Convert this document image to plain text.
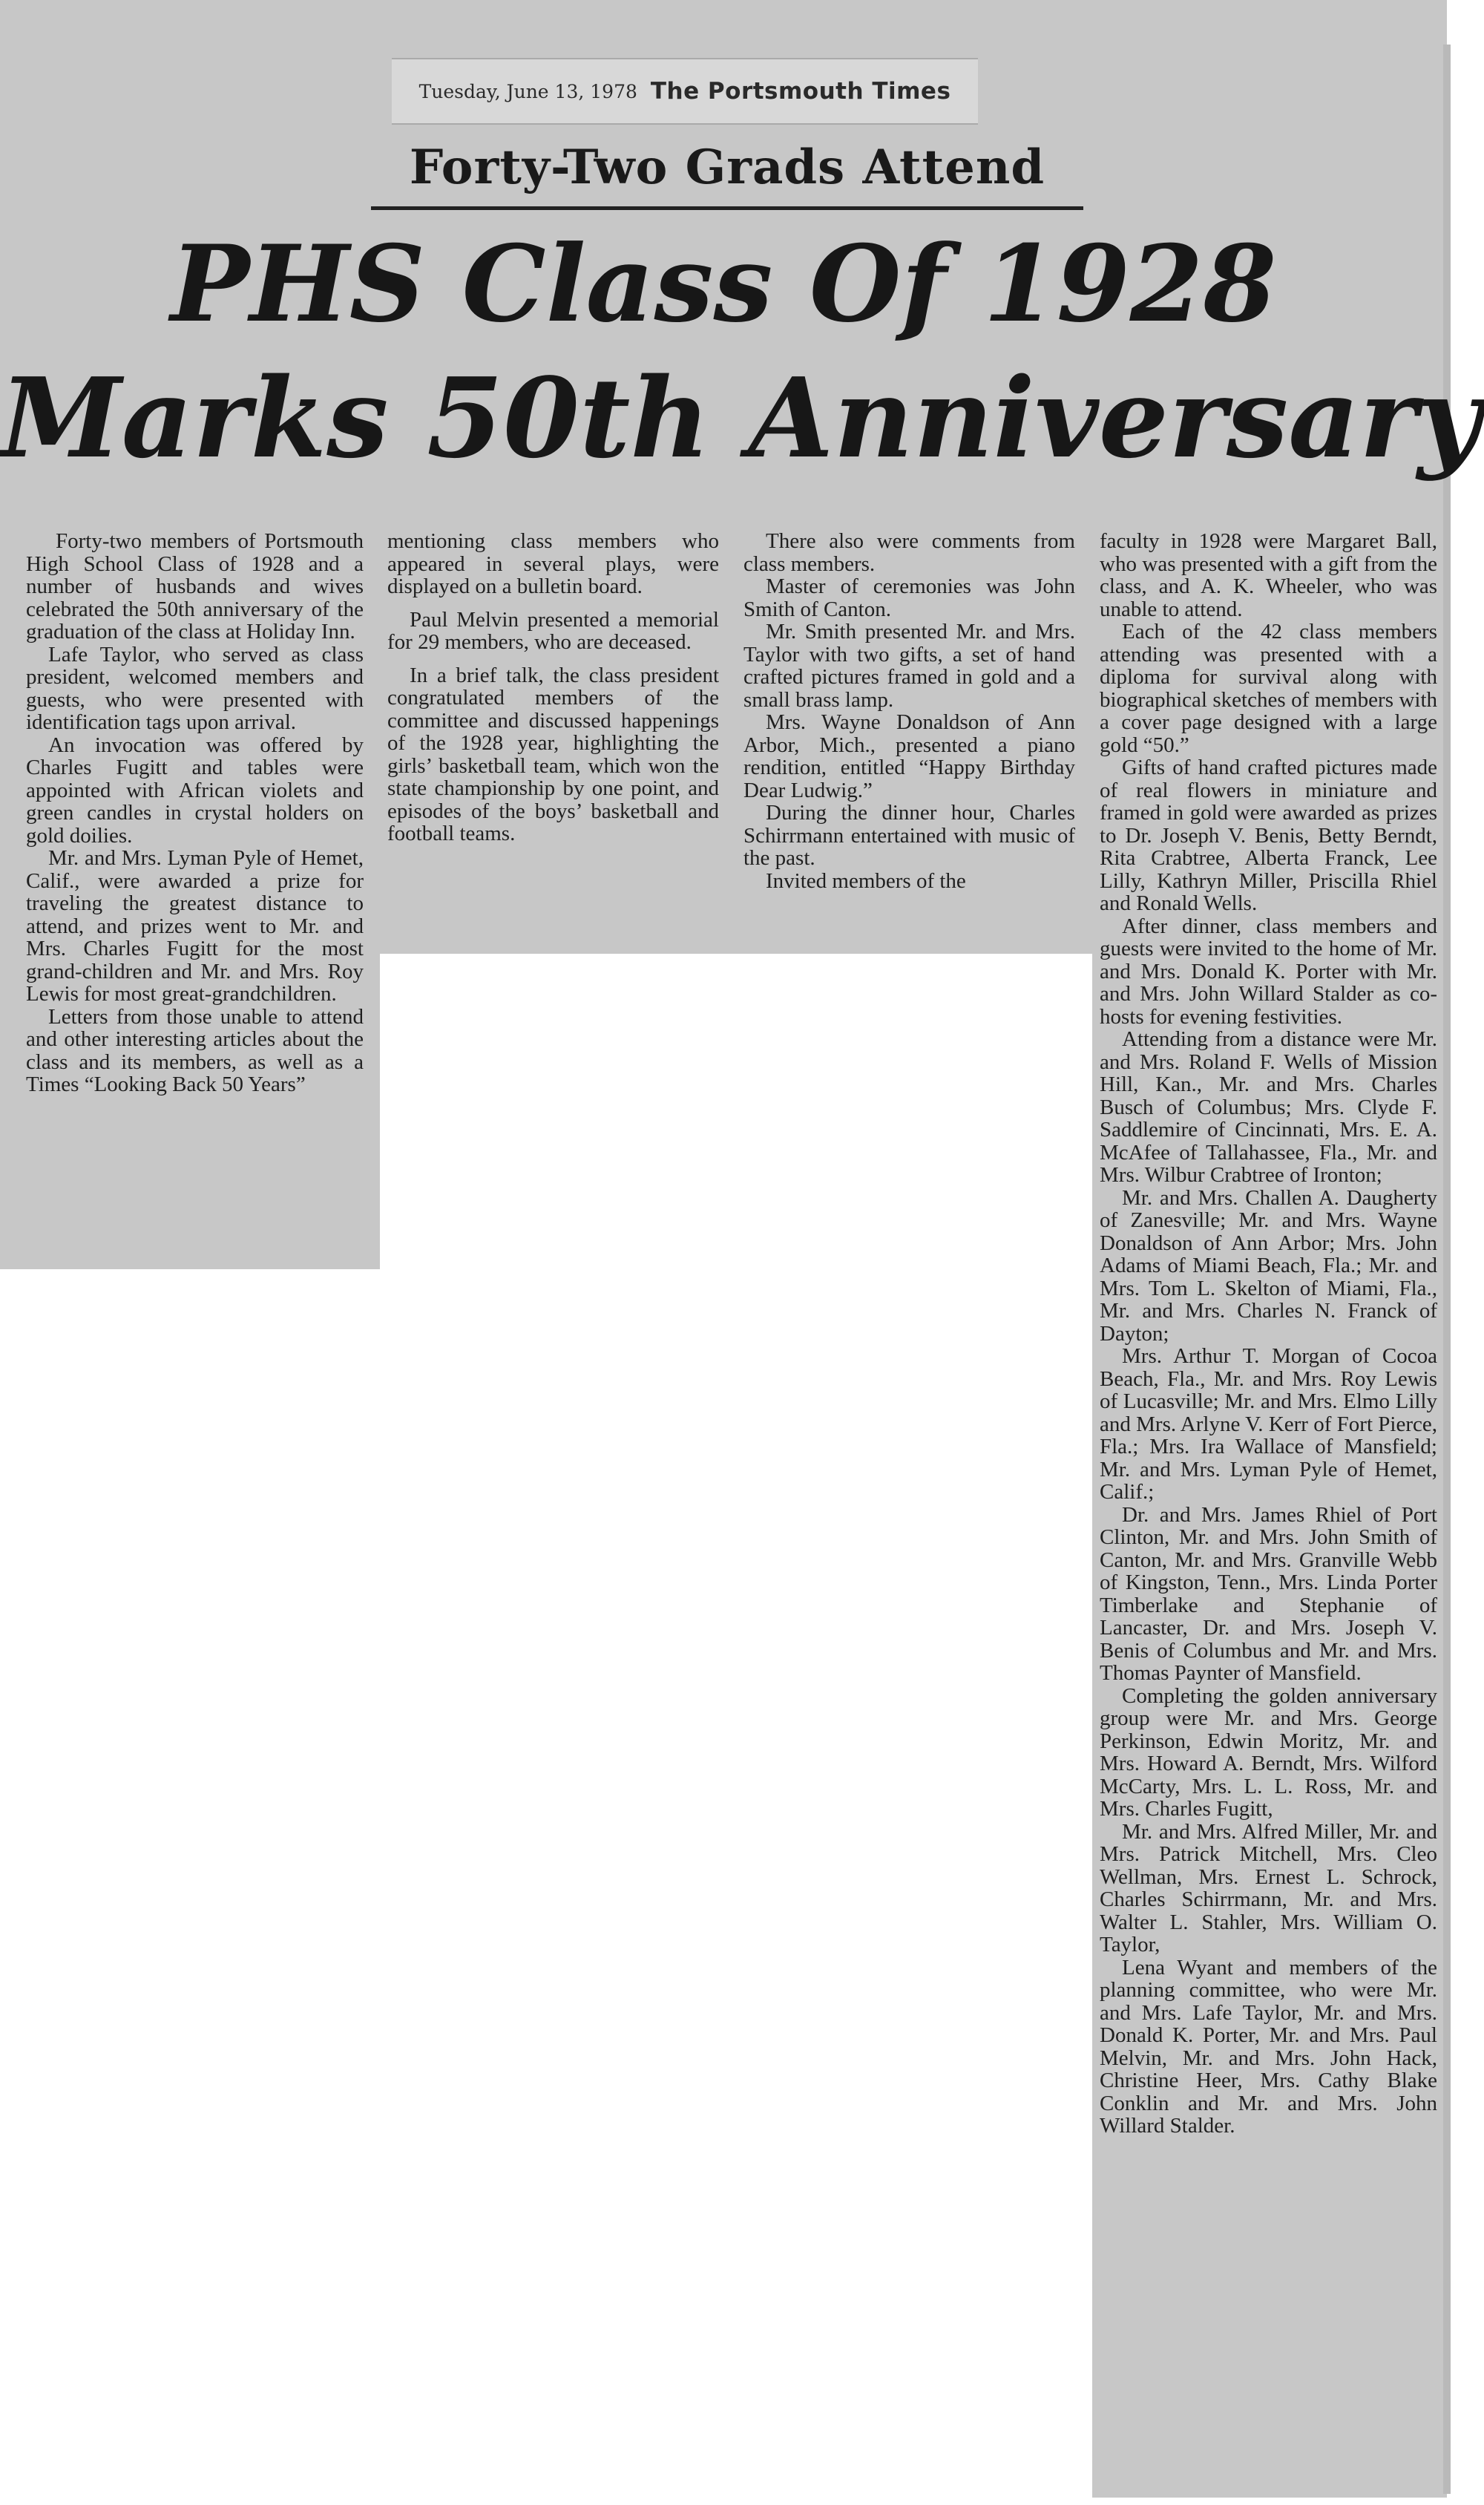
Tuesday, June 13, 1978 The Portsmouth Times
Forty-Two Grads Attend
PHS Class Of 1928
Marks 50th Anniversary

Forty-two members of Portsmouth High School Class of 1928 and a number of husbands and wives celebrated the 50th anniversary of the graduation of the class at Holiday Inn.

Lafe Taylor, who served as class president, welcomed members and guests, who were presented with identification tags upon arrival.

An invocation was offered by Charles Fugitt and tables were appointed with African violets and green candles in crystal holders on gold doilies.

Mr. and Mrs. Lyman Pyle of Hemet, Calif., were awarded a prize for traveling the greatest distance to attend, and prizes went to Mr. and Mrs. Charles Fugitt for the most grand-children and Mr. and Mrs. Roy Lewis for most great-grandchildren.

Letters from those unable to attend and other interesting articles about the class and its members, as well as a Times “Looking Back 50 Years”

mentioning class members who appeared in several plays, were displayed on a bulletin board.

Paul Melvin presented a memorial for 29 members, who are deceased.

In a brief talk, the class president congratulated members of the committee and discussed happenings of the 1928 year, highlighting the girls’ basketball team, which won the state championship by one point, and episodes of the boys’ basketball and football teams.

There also were comments from class members.

Master of ceremonies was John Smith of Canton.

Mr. Smith presented Mr. and Mrs. Taylor with two gifts, a set of hand crafted pictures framed in gold and a small brass lamp.

Mrs. Wayne Donaldson of Ann Arbor, Mich., presented a piano rendition, entitled “Happy Birthday Dear Ludwig.”

During the dinner hour, Charles Schirrmann entertained with music of the past.

Invited members of the

faculty in 1928 were Margaret Ball, who was presented with a gift from the class, and A. K. Wheeler, who was unable to attend.

Each of the 42 class members attending was presented with a diploma for survival along with biographical sketches of members with a cover page designed with a large gold “50.”

Gifts of hand crafted pictures made of real flowers in miniature and framed in gold were awarded as prizes to Dr. Joseph V. Benis, Betty Berndt, Rita Crabtree, Alberta Franck, Lee Lilly, Kathryn Miller, Priscilla Rhiel and Ronald Wells.

After dinner, class members and guests were invited to the home of Mr. and Mrs. Donald K. Porter with Mr. and Mrs. John Willard Stalder as co-hosts for evening festivities.

Attending from a distance were Mr. and Mrs. Roland F. Wells of Mission Hill, Kan., Mr. and Mrs. Charles Busch of Columbus; Mrs. Clyde F. Saddlemire of Cincinnati, Mrs. E. A. McAfee of Tallahassee, Fla., Mr. and Mrs. Wilbur Crabtree of Ironton;

Mr. and Mrs. Challen A. Daugherty of Zanesville; Mr. and Mrs. Wayne Donaldson of Ann Arbor; Mrs. John Adams of Miami Beach, Fla.; Mr. and Mrs. Tom L. Skelton of Miami, Fla., Mr. and Mrs. Charles N. Franck of Dayton;

Mrs. Arthur T. Morgan of Cocoa Beach, Fla., Mr. and Mrs. Roy Lewis of Lucasville; Mr. and Mrs. Elmo Lilly and Mrs. Arlyne V. Kerr of Fort Pierce, Fla.; Mrs. Ira Wallace of Mansfield; Mr. and Mrs. Lyman Pyle of Hemet, Calif.;

Dr. and Mrs. James Rhiel of Port Clinton, Mr. and Mrs. John Smith of Canton, Mr. and Mrs. Granville Webb of Kingston, Tenn., Mrs. Linda Porter Timberlake and Stephanie of Lancaster, Dr. and Mrs. Joseph V. Benis of Columbus and Mr. and Mrs. Thomas Paynter of Mansfield.

Completing the golden anniversary group were Mr. and Mrs. George Perkinson, Edwin Moritz, Mr. and Mrs. Howard A. Berndt, Mrs. Wilford McCarty, Mrs. L. L. Ross, Mr. and Mrs. Charles Fugitt,

Mr. and Mrs. Alfred Miller, Mr. and Mrs. Patrick Mitchell, Mrs. Cleo Wellman, Mrs. Ernest L. Schrock, Charles Schirrmann, Mr. and Mrs. Walter L. Stahler, Mrs. William O. Taylor,

Lena Wyant and members of the planning committee, who were Mr. and Mrs. Lafe Taylor, Mr. and Mrs. Donald K. Porter, Mr. and Mrs. Paul Melvin, Mr. and Mrs. John Hack, Christine Heer, Mrs. Cathy Blake Conklin and Mr. and Mrs. John Willard Stalder.
